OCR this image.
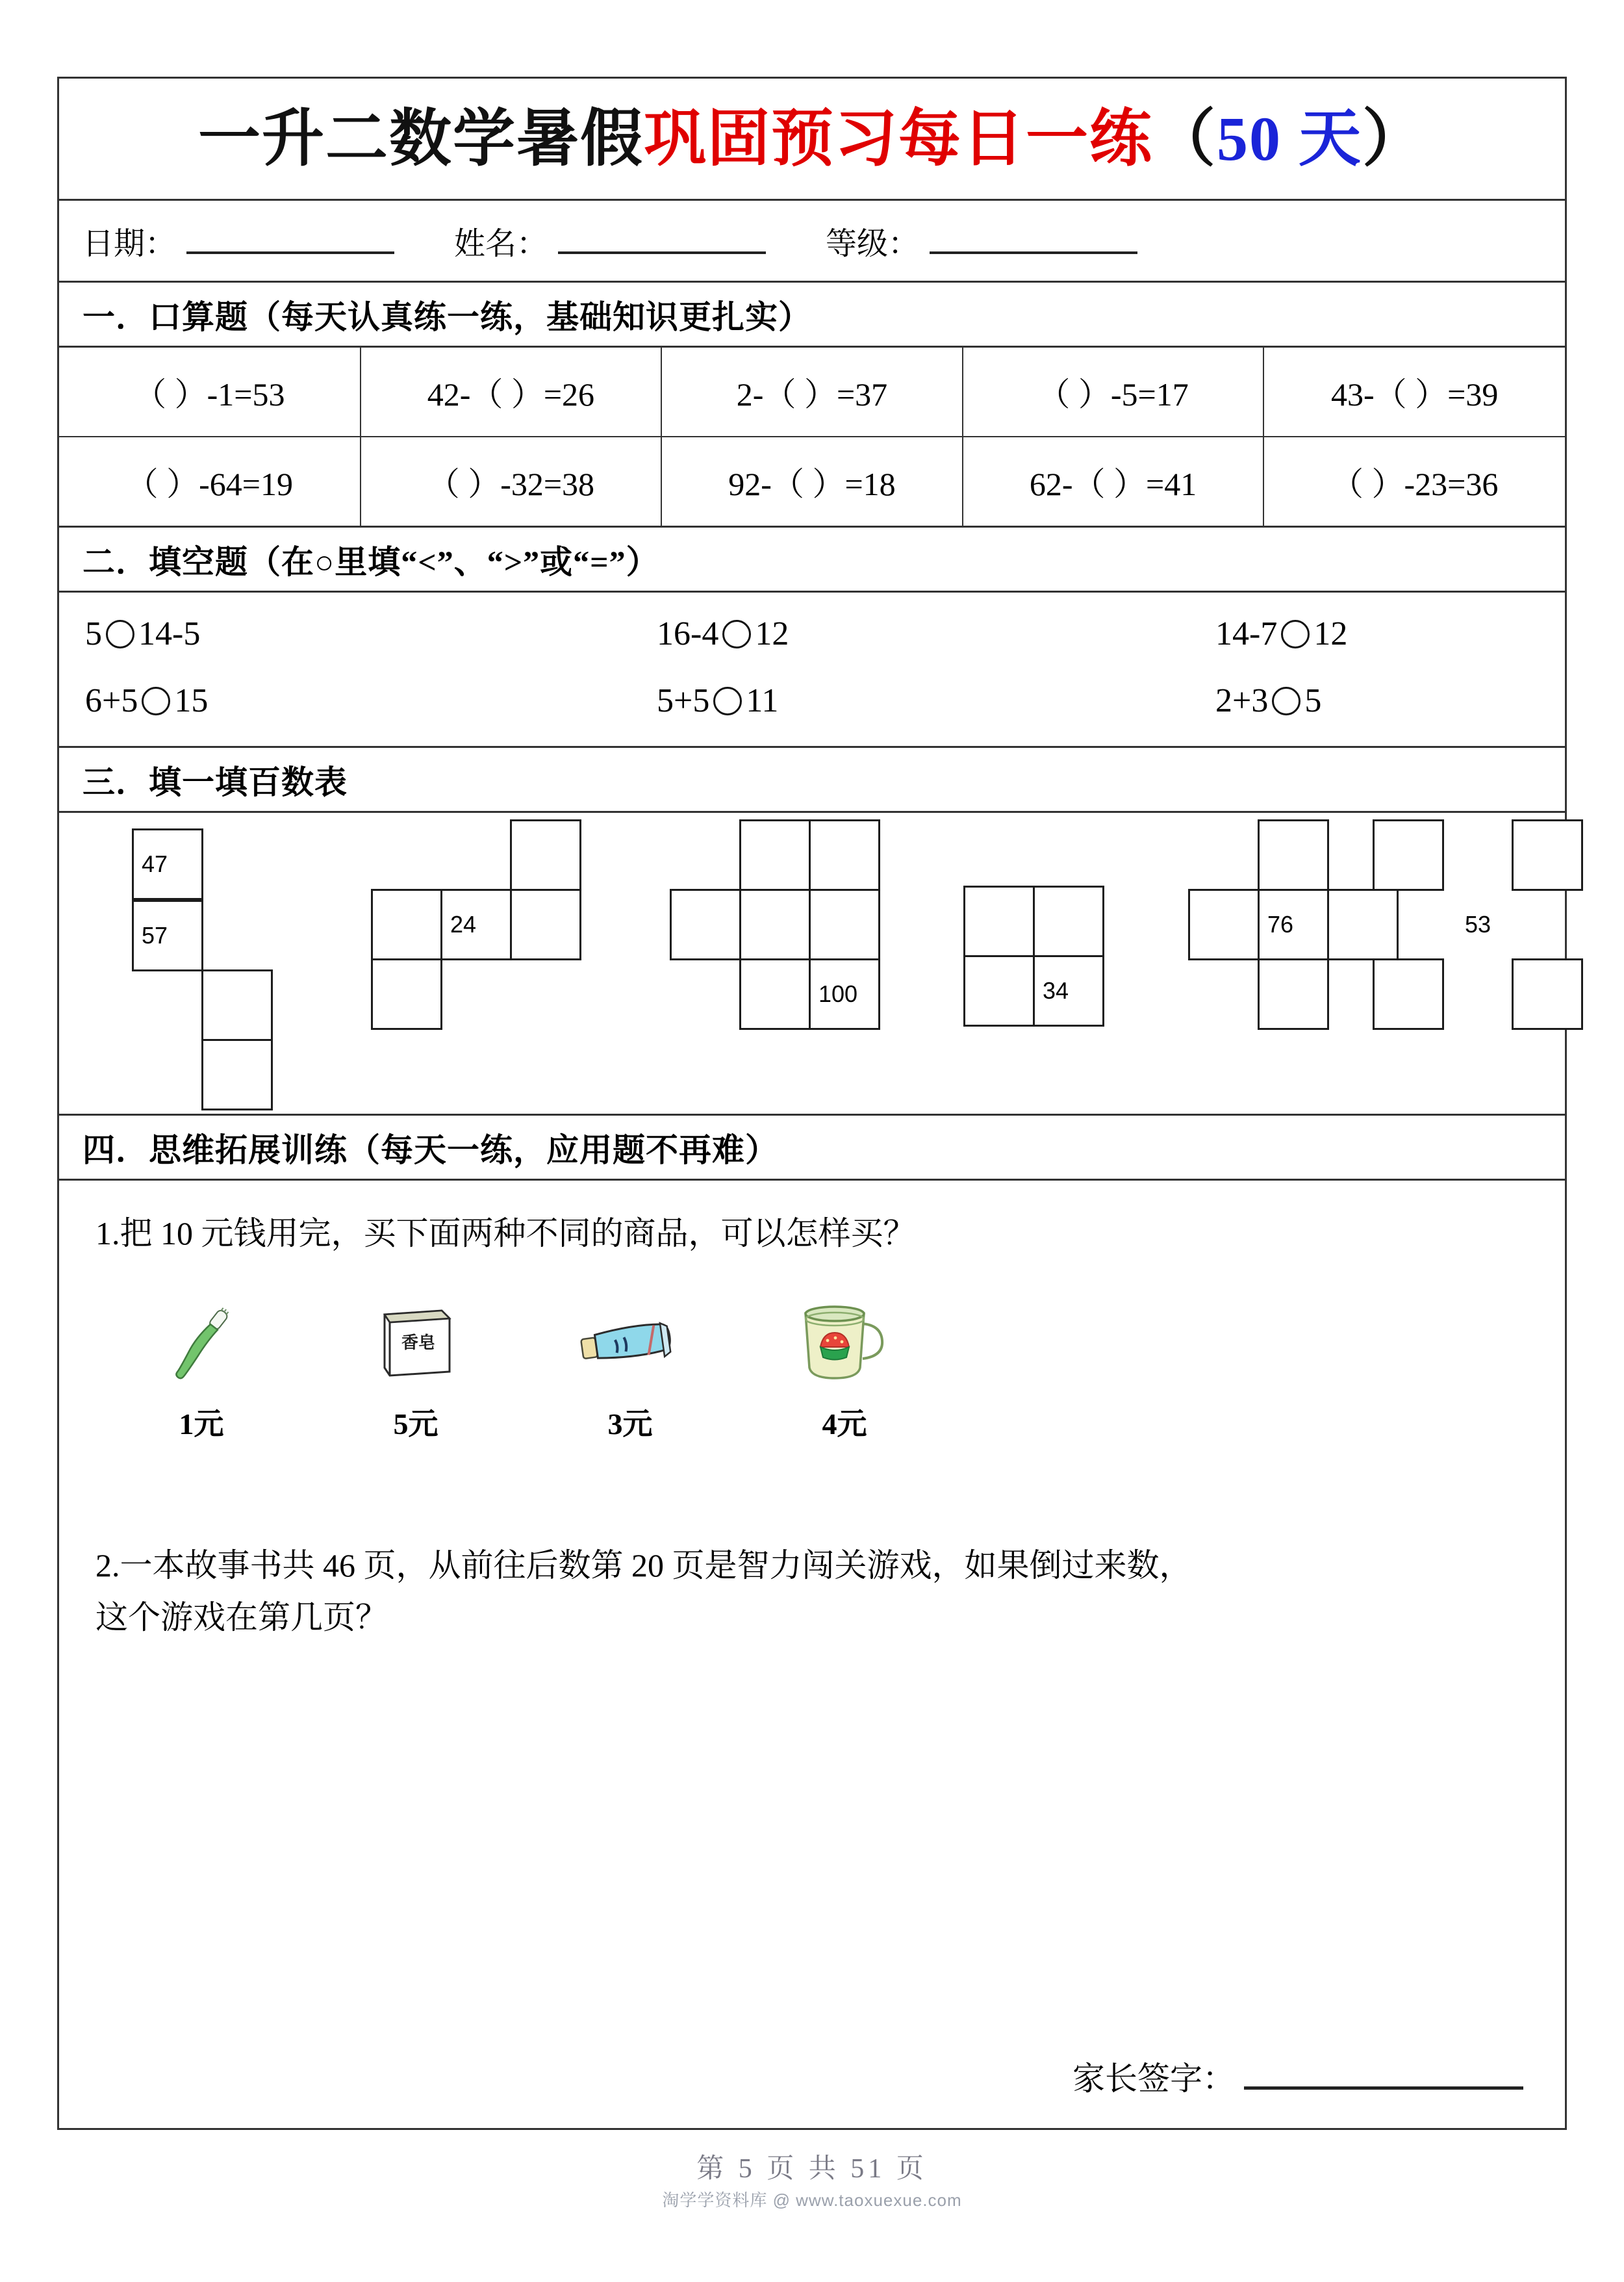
一升二数学暑假巩固预习每日一练（50 天）
日期：	姓名：	等级：
一．口算题（每天认真练一练，基础知识更扎实）
（ ）-1=53	42-（ ）=26	2-（ ）=37	（ ）-5=17	43-（ ）=39
（ ）-64=19	（ ）-32=38	92-（ ）=18	62-（ ）=41	（ ）-23=36
二．填空题（在○里填“<”、“>”或“=”）
5 14-5	16-4 12	14-7 12
6+5 15	5+5 11	2+3 5
三．填一填百数表
47
57	24
100	34
76	53
四．思维拓展训练（每天一练，应用题不再难）
1.把 10 元钱用完，买下面两种不同的商品，可以怎样买？
1元
香皂
5元	3元	4元
2.一本故事书共 46 页，从前往后数第 20 页是智力闯关游戏，如果倒过来数，
这个游戏在第几页？
家长签字：
第 5 页 共 51 页
淘学学资料库 @ www.taoxuexue.com
